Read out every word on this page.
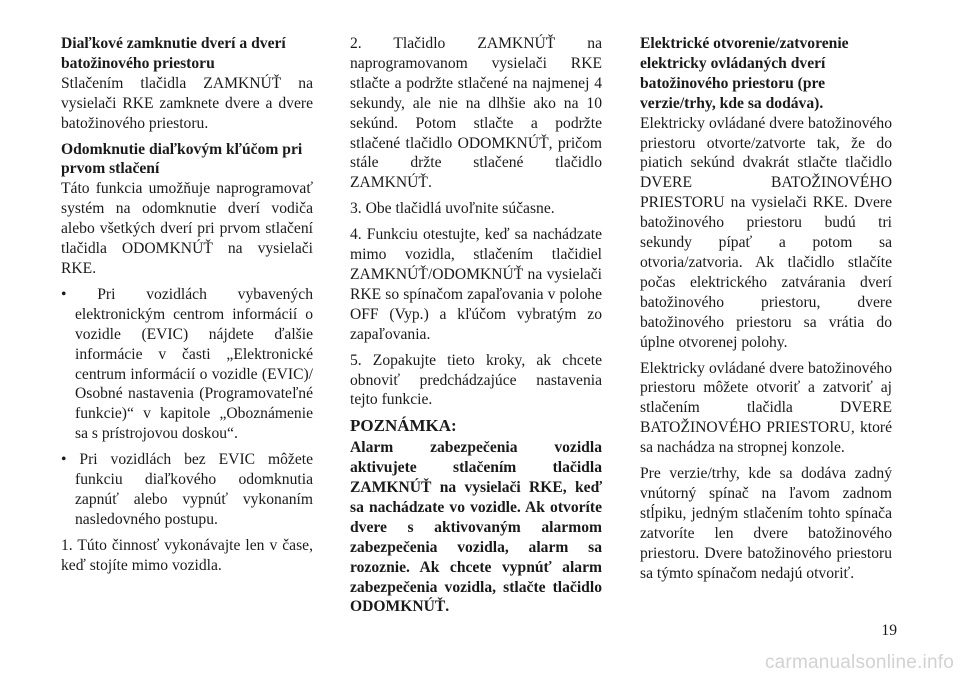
Diaľkové zamknutie dverí a dverí batožinového priestoru

Stlačením tlačidla ZAMKNÚŤ na vysielači RKE zamknete dvere a dvere batožinového priestoru.

Odomknutie diaľkovým kľúčom pri prvom stlačení

Táto funkcia umožňuje naprogramovať systém na odomknutie dverí vodiča alebo všetkých dverí pri prvom stlačení tlačidla ODOMKNÚŤ na vysielači RKE.

• Pri vozidlách vybavených elektronickým centrom informácií o vozidle (EVIC) nájdete ďalšie informácie v časti „Elektronické centrum informácií o vozidle (EVIC)/ Osobné nastavenia (Programovateľné funkcie)“ v kapitole „Oboznámenie sa s prístrojovou doskou“.

• Pri vozidlách bez EVIC môžete funkciu diaľkového odomknutia zapnúť alebo vypnúť vykonaním nasledovného postupu.

1. Túto činnosť vykonávajte len v čase, keď stojíte mimo vozidla.

2. Tlačidlo ZAMKNÚŤ na naprogramovanom vysielači RKE stlačte a podržte stlačené na najmenej 4 sekundy, ale nie na dlhšie ako na 10 sekúnd. Potom stlačte a podržte stlačené tlačidlo ODOMKNÚŤ, pričom stále držte stlačené tlačidlo ZAMKNÚŤ.

3. Obe tlačidlá uvoľnite súčasne.

4. Funkciu otestujte, keď sa nachádzate mimo vozidla, stlačením tlačidiel ZAMKNÚŤ/ODOMKNÚŤ na vysielači RKE so spínačom zapaľovania v polohe OFF (Vyp.) a kľúčom vybratým zo zapaľovania.

5. Zopakujte tieto kroky, ak chcete obnoviť predchádzajúce nastavenia tejto funkcie.

POZNÁMKA:

Alarm zabezpečenia vozidla aktivujete stlačením tlačidla ZAMKNÚŤ na vysielači RKE, keď sa nachádzate vo vozidle. Ak otvoríte dvere s aktivovaným alarmom zabezpečenia vozidla, alarm sa rozoznie. Ak chcete vypnúť alarm zabezpečenia vozidla, stlačte tlačidlo ODOMKNÚŤ.

Elektrické otvorenie/zatvorenie elektricky ovládaných dverí batožinového priestoru (pre verzie/trhy, kde sa dodáva).

Elektricky ovládané dvere batožinového priestoru otvorte/zatvorte tak, že do piatich sekúnd dvakrát stlačte tlačidlo DVERE BATOŽINOVÉHO PRIESTORU na vysielači RKE. Dvere batožinového priestoru budú tri sekundy pípať a potom sa otvoria/zatvoria. Ak tlačidlo stlačíte počas elektrického zatvárania dverí batožinového priestoru, dvere batožinového priestoru sa vrátia do úplne otvorenej polohy.

Elektricky ovládané dvere batožinového priestoru môžete otvoriť a zatvoriť aj stlačením tlačidla DVERE BATOŽINOVÉHO PRIESTORU, ktoré sa nachádza na stropnej konzole.

Pre verzie/trhy, kde sa dodáva zadný vnútorný spínač na ľavom zadnom stĺpiku, jedným stlačením tohto spínača zatvoríte len dvere batožinového priestoru. Dvere batožinového priestoru sa týmto spínačom nedajú otvoriť.

19
carmanualsonline.info
